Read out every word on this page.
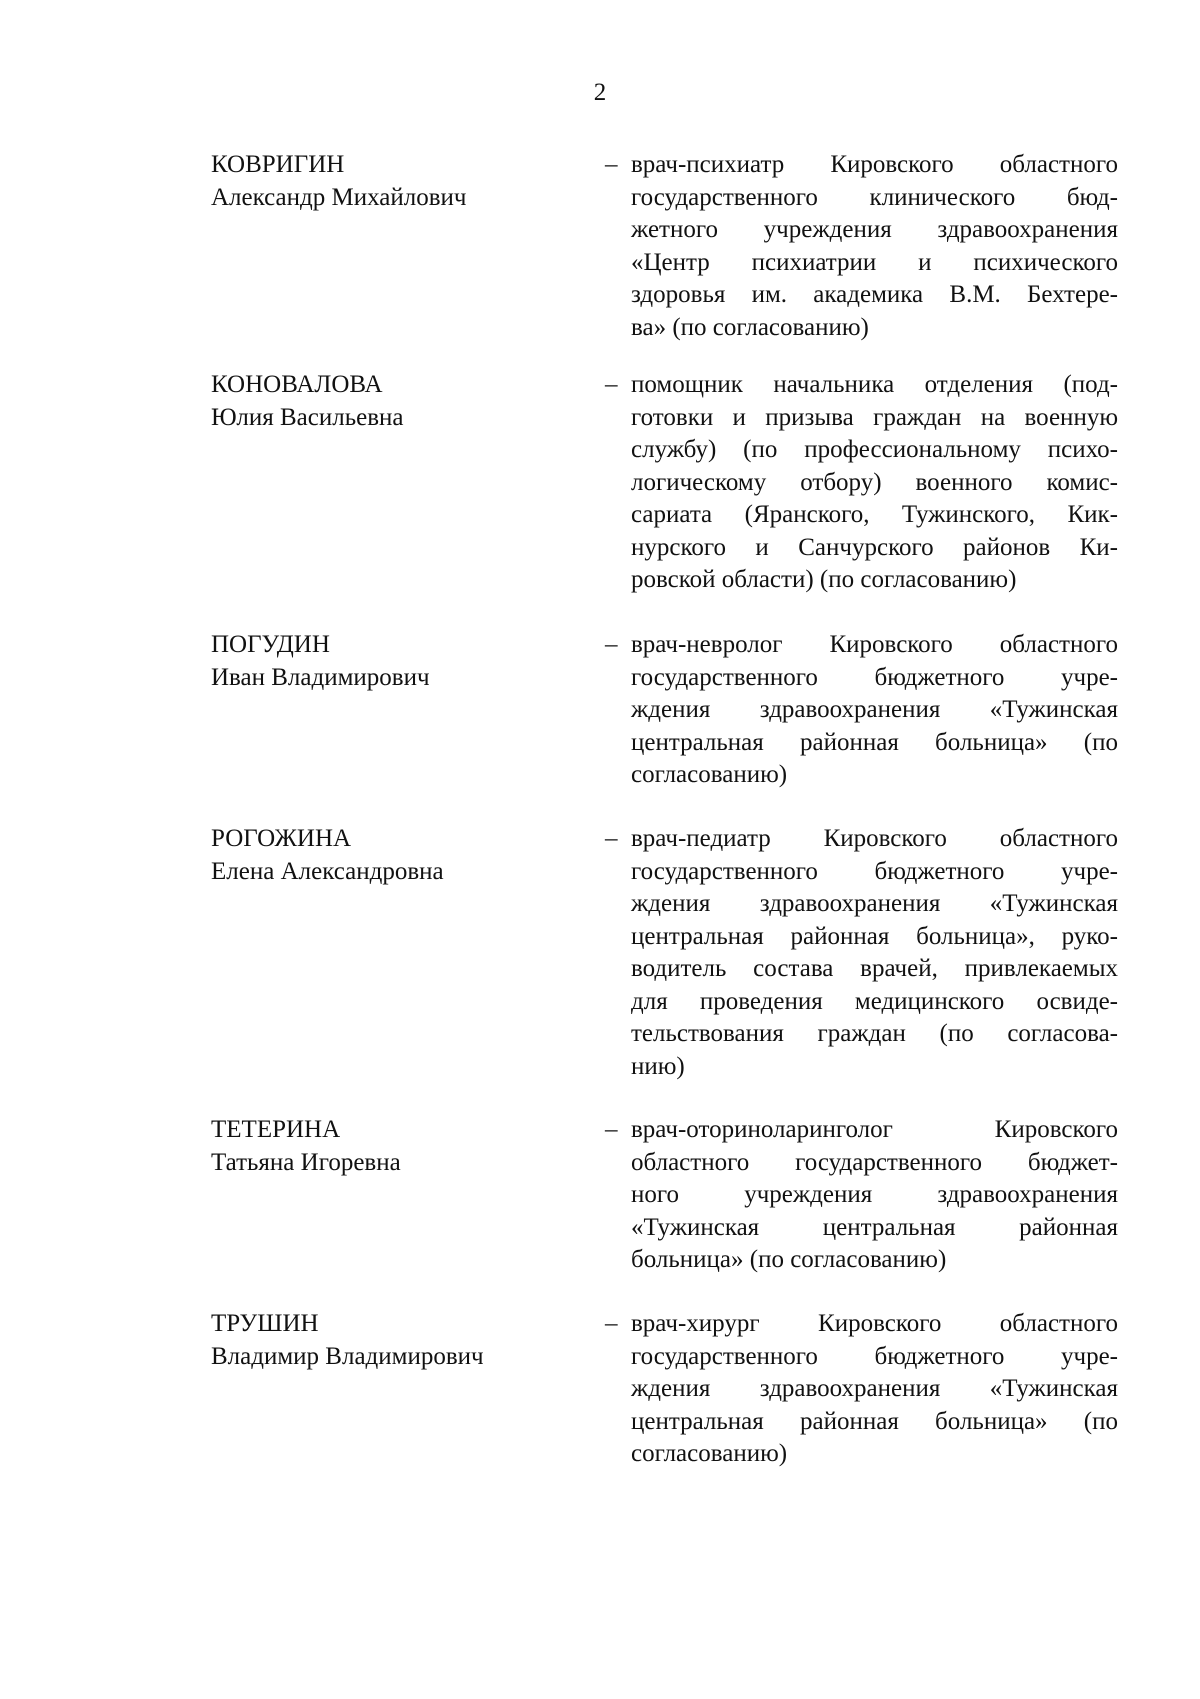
2
КОВРИГИН
Александр Михайлович
– врач-психиатр Кировского областного
государственного клинического бюд-
жетного учреждения здравоохранения
«Центр психиатрии и психического
здоровья им. академика В.М. Бехтере-
ва» (по согласованию)
КОНОВАЛОВА
Юлия Васильевна
– помощник начальника отделения (под-
готовки и призыва граждан на военную
службу) (по профессиональному психо-
логическому отбору) военного комис-
сариата (Яранского, Тужинского, Кик-
нурского и Санчурского районов Ки-
ровской области) (по согласованию)
ПОГУДИН
Иван Владимирович
– врач-невролог Кировского областного
государственного бюджетного учре-
ждения здравоохранения «Тужинская
центральная районная больница» (по
согласованию)
РОГОЖИНА
Елена Александровна
– врач-педиатр Кировского областного
государственного бюджетного учре-
ждения здравоохранения «Тужинская
центральная районная больница», руко-
водитель состава врачей, привлекаемых
для проведения медицинского освиде-
тельствования граждан (по согласова-
нию)
ТЕТЕРИНА
Татьяна Игоревна
– врач-оториноларинголог Кировского
областного государственного бюджет-
ного учреждения здравоохранения
«Тужинская центральная районная
больница» (по согласованию)
ТРУШИН
Владимир Владимирович
– врач-хирург Кировского областного
государственного бюджетного учре-
ждения здравоохранения «Тужинская
центральная районная больница» (по
согласованию)
